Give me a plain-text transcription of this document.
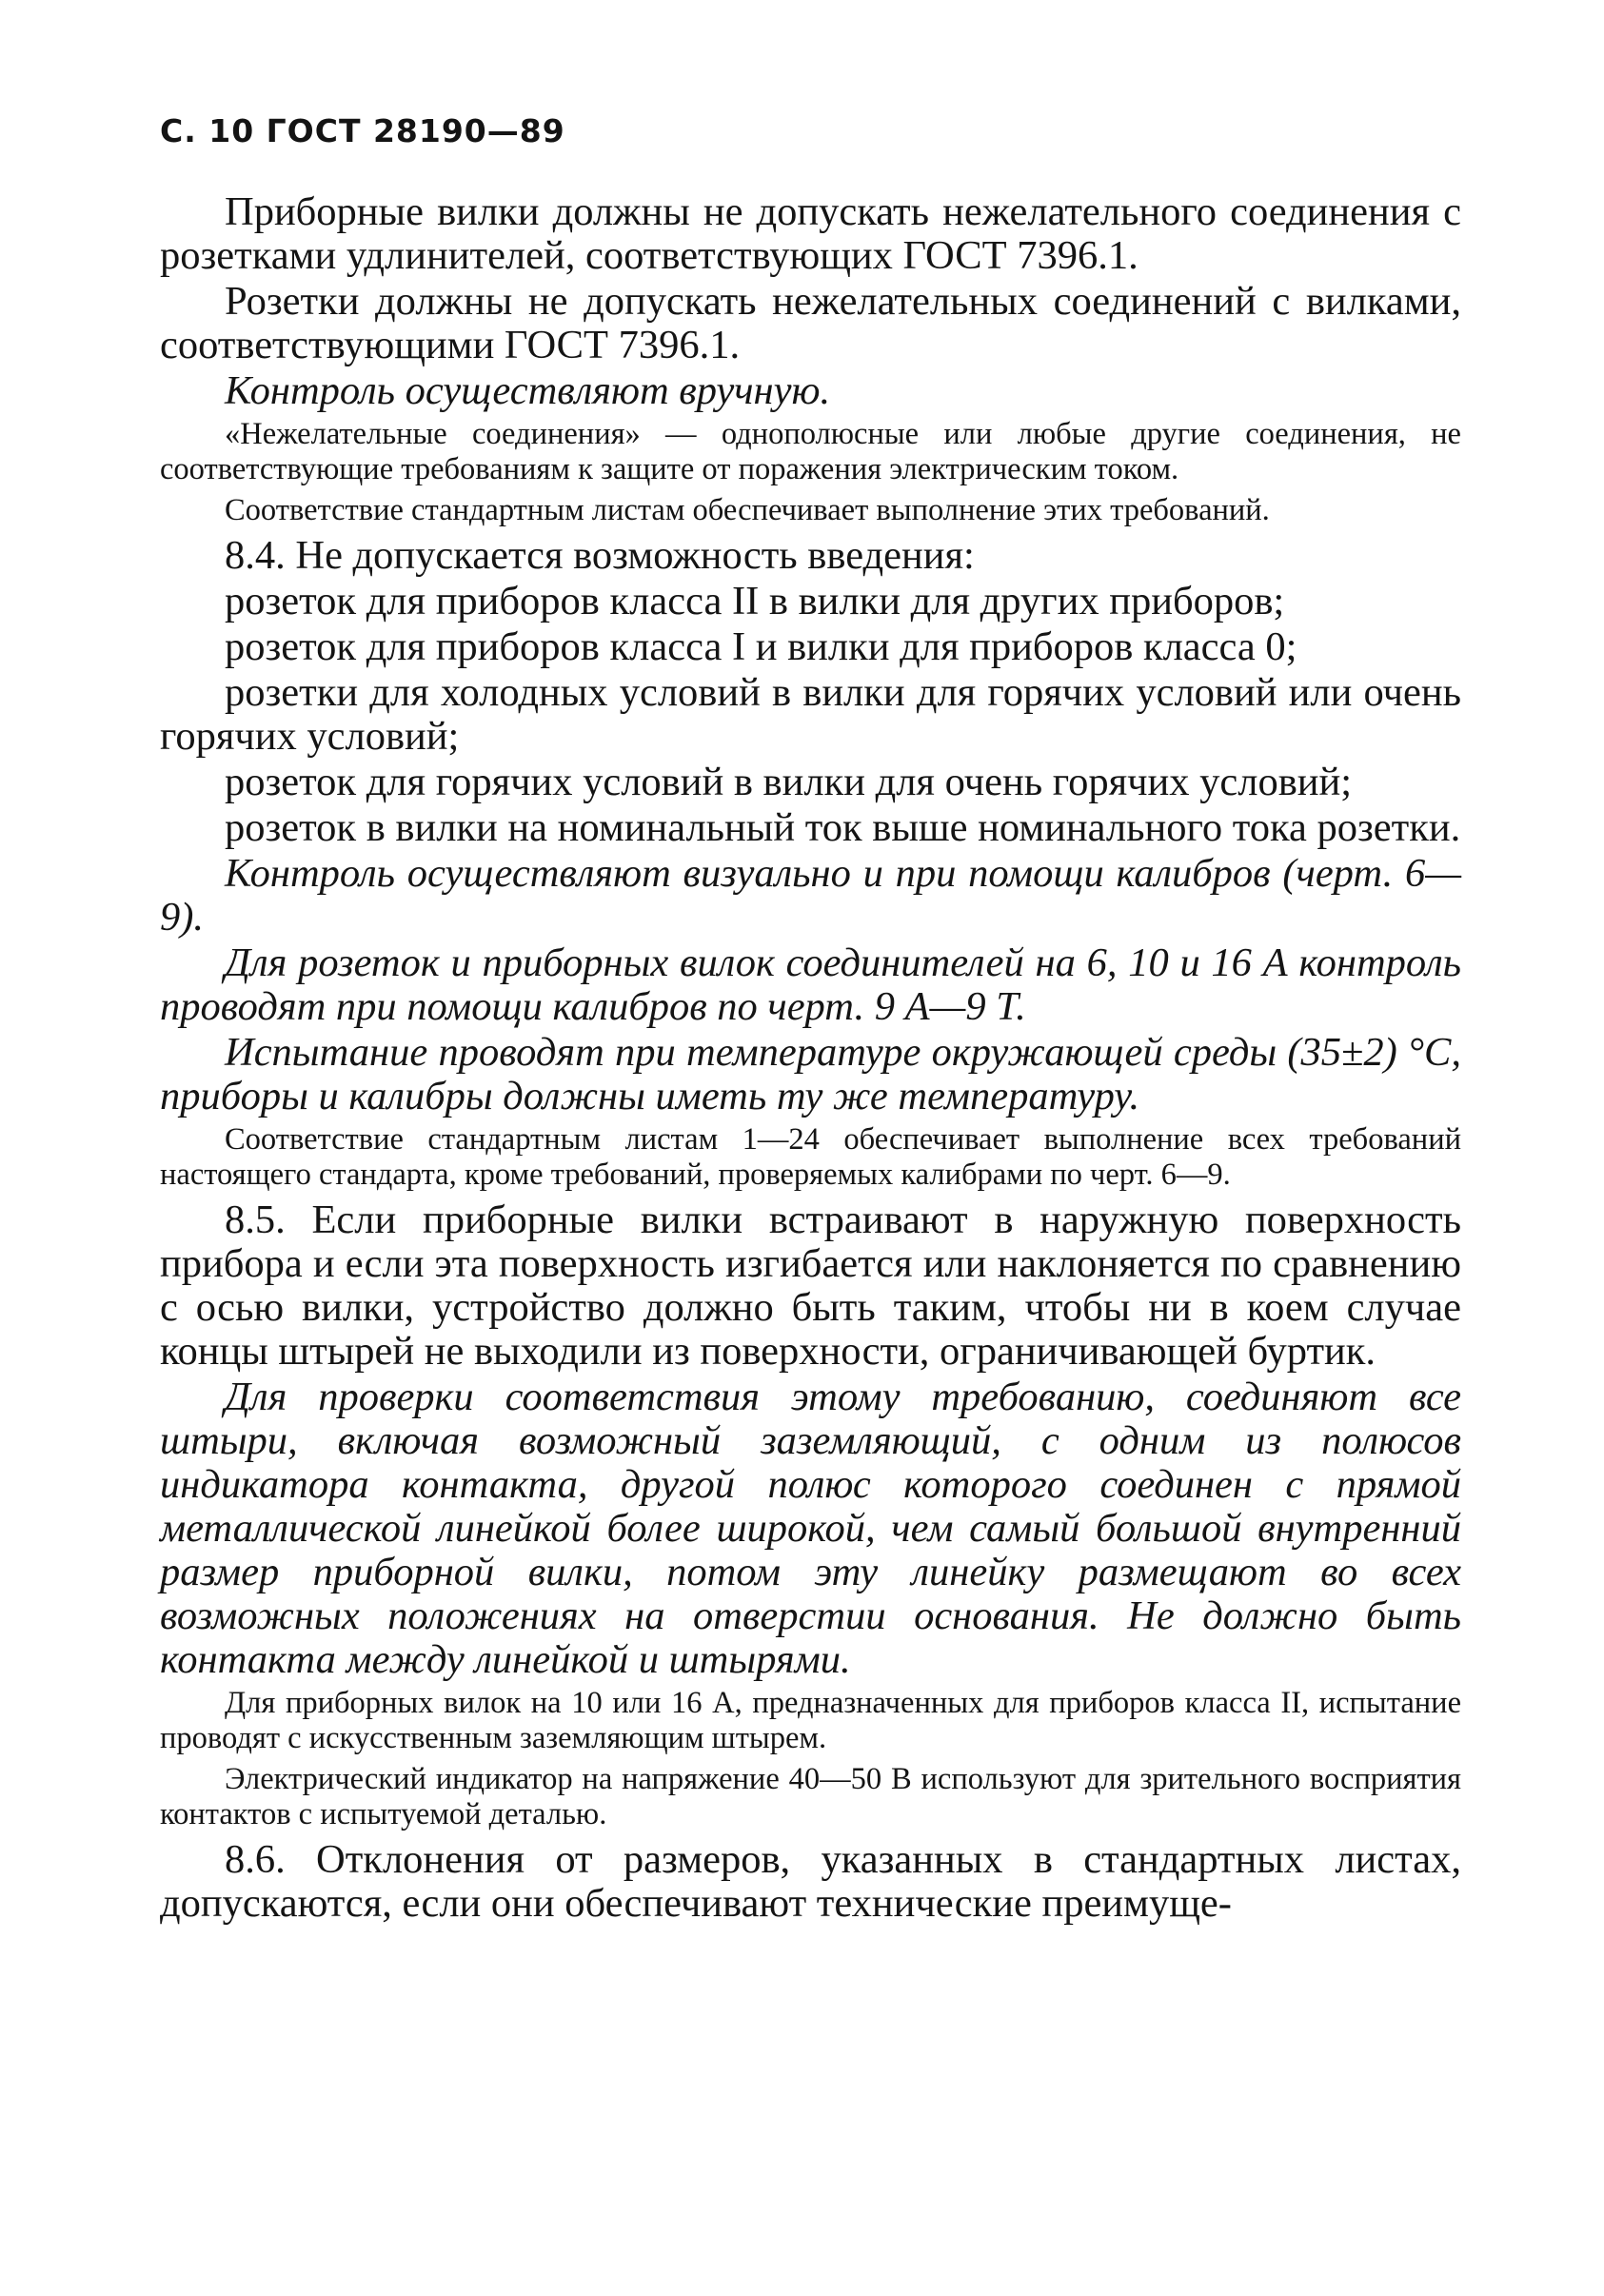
С. 10 ГОСТ 28190—89

Приборные вилки должны не допускать нежелательного соединения с розетками удлинителей, соответствующих ГОСТ 7396.1.

Розетки должны не допускать нежелательных соединений с вилками, соответствующими ГОСТ 7396.1.

Контроль осуществляют вручную.

«Нежелательные соединения» — однополюсные или любые другие соединения, не соответствующие требованиям к защите от поражения электрическим током.

Соответствие стандартным листам обеспечивает выполнение этих требований.

8.4. Не допускается возможность введения:

розеток для приборов класса II в вилки для других приборов;

розеток для приборов класса I и вилки для приборов класса 0;

розетки для холодных условий в вилки для горячих условий или очень горячих условий;

розеток для горячих условий в вилки для очень горячих условий;

розеток в вилки на номинальный ток выше номинального тока розетки.

Контроль осуществляют визуально и при помощи калибров (черт. 6—9).

Для розеток и приборных вилок соединителей на 6, 10 и 16 А контроль проводят при помощи калибров по черт. 9 А—9 Т.

Испытание проводят при температуре окружающей среды (35±2) °С, приборы и калибры должны иметь ту же температуру.

Соответствие стандартным листам 1—24 обеспечивает выполнение всех требований настоящего стандарта, кроме требований, проверяемых калибрами по черт. 6—9.

8.5. Если приборные вилки встраивают в наружную поверхность прибора и если эта поверхность изгибается или наклоняется по сравнению с осью вилки, устройство должно быть таким, чтобы ни в коем случае концы штырей не выходили из поверхности, ограничивающей буртик.

Для проверки соответствия этому требованию, соединяют все штыри, включая возможный заземляющий, с одним из полюсов индикатора контакта, другой полюс которого соединен с прямой металлической линейкой более широкой, чем самый большой внутренний размер приборной вилки, потом эту линейку размещают во всех возможных положениях на отверстии основания. Не должно быть контакта между линейкой и штырями.

Для приборных вилок на 10 или 16 А, предназначенных для приборов класса II, испытание проводят с искусственным заземляющим штырем.

Электрический индикатор на напряжение 40—50 В используют для зрительного восприятия контактов с испытуемой деталью.

8.6. Отклонения от размеров, указанных в стандартных листах, допускаются, если они обеспечивают технические преимуще-
